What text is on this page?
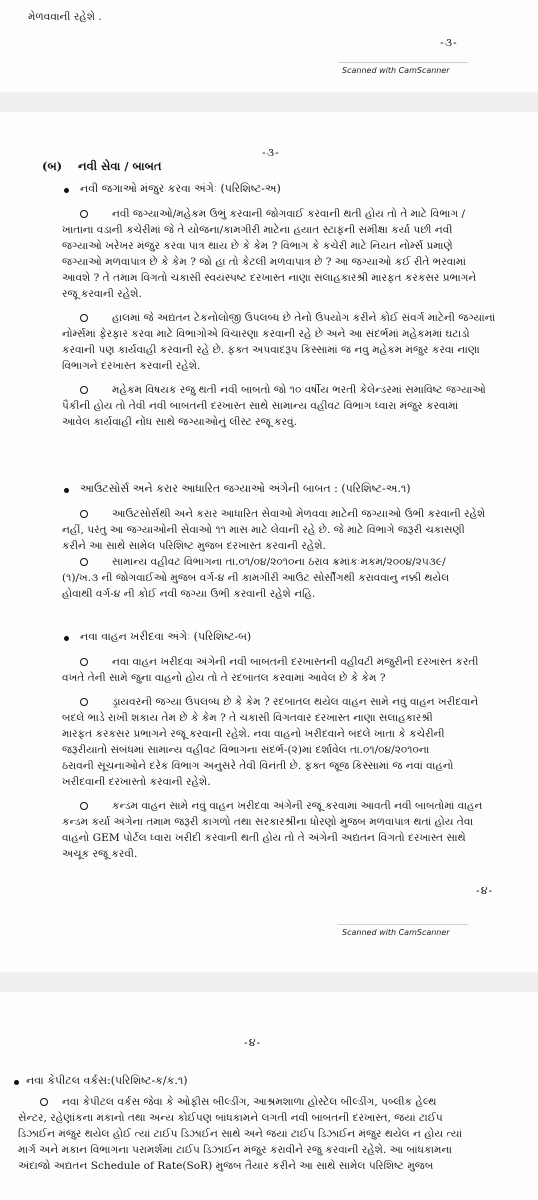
મેળવવાની રહેશે .
-૩-
Scanned with CamScanner
-૩-
(બ) નવી સેવા / બાબત
નવી જગાઓ મંજુર કરવા અંગેઃ (પરિશિષ્ટ-અ)
નવી જગ્યાઓ/મહેકમ ઉભું કરવાની જોગવાઈ કરવાની થતી હોય તો તે માટે વિભાગ /
ખાતાના વડાની કચેરીમાં જે તે યોજના/કામગીરી માટેના હયાત સ્ટાફની સમીક્ષા કર્યા પછી નવી
જગ્યાઓ ખરેખર મંજુર કરવા પાત્ર થાય છે કે કેમ ? વિભાગ કે કચેરી માટે નિયત નોર્મ્સ પ્રમાણે
જગ્યાઓ મળવાપાત્ર છે કે કેમ ? જો હા તો કેટલી મળવાપાત્ર છે ? આ જગ્યાઓ કઈ રીતે ભરવામાં
આવશે ? તે તમામ વિગતો ચકાસી સ્વયંસ્પષ્ટ દરખાસ્ત નાણા સલાહકારશ્રી મારફત કરકસર પ્રભાગને
રજૂ કરવાની રહેશે.
હાલમાં જે અદ્યતન ટેકનોલોજી ઉપલબ્ધ છે તેનો ઉપયોગ કરીને કોઈ સંવર્ગ માટેની જગ્યાનાં
નોર્મ્સમાં ફેરફાર કરવા માટે વિભાગોએ વિચારણા કરવાની રહે છે અને આ સંદર્ભમાં મહેકમમાં ઘટાડો
કરવાની પણ કાર્યવાહી કરવાની રહે છે. ફક્ત અપવાદરૂપ કિસ્સામાં જ નવુ મહેકમ મંજુર કરવા નાણા
વિભાગને દરખાસ્ત કરવાની રહેશે.
મહેકમ વિષયક રજુ થતી નવી બાબતો જો ૧૦ વર્ષીય ભરતી કેલેન્ડરમાં સમાવિષ્ટ જગ્યાઓ
પૈકીની હોય તો તેવી નવી બાબતની દરખાસ્ત સાથે સામાન્ય વહીવટ વિભાગ ધ્વારા મંજુર કરવામાં
આવેલ કાર્યવાહી નોંધ સાથે જગ્યાઓનું લીસ્ટ રજૂ કરવું.
આઉટસોર્સ અને કરાર આધારિત જગ્યાઓ અંગેની બાબત : (પરિશિષ્ટ-અ.૧)
આઉટસોર્સથી અને કરાર આધારિત સેવાઓ મેળવવા માટેની જગ્યાઓ ઉભી કરવાની રહેશે
નહીં, પરંતુ આ જગ્યાઓની સેવાઓ ૧૧ માસ માટે લેવાની રહે છે. જે માટે વિભાગે જરૂરી ચકાસણી
કરીને આ સાથે સામેલ પરિશિષ્ટ મુજબ દરખાસ્ત કરવાની રહેશે.
સામાન્ય વહીવટ વિભાગના તા.૦૧/૦૪/૨૦૧૦ના ઠરાવ ક્રમાંકઃમકમ/૨૦૦૪/૨૫૩૯/
(૧)/ખ.૩ ની જોગવાઈઓ મુજબ વર્ગ-૪ ની કામગીરી આઉટ સોર્સીંગથી કરાવવાનુ નક્કી થયેલ
હોવાથી વર્ગ-૪ ની કોઈ નવી જગ્યા ઉભી કરવાની રહેશે નહિ.
નવા વાહન ખરીદવા અંગેઃ (પરિશિષ્ટ-બ)
નવા વાહન ખરીદવા અંગેની નવી બાબતની દરખાસ્તની વહીવટી મંજુરીની દરખાસ્ત કરતી
વખતે તેની સામે જુના વાહનો હોય તો તે રદબાતલ કરવામાં આવેલ છે કે કેમ ?
ડ્રાયવરની જગ્યા ઉપલબ્ધ છે કે કેમ ? રદબાતલ થયેલ વાહન સામે નવું વાહન ખરીદવાને
બદલે ભાડે રાખી શકાય તેમ છે કે કેમ ? તે ચકાસી વિગતવાર દરખાસ્ત નાણા સલાહકારશ્રી
મારફત કરકસર પ્રભાગને રજૂ કરવાની રહેશે. નવા વાહનો ખરીદવાને બદલે ખાતા કે કચેરીની
જરૂરીયાતો સંબંધમાં સામાન્ય વહીવટ વિભાગના સંદર્ભ-(૨)માં દર્શાવેલ તા.૦૧/૦૪/૨૦૧૦ના
ઠરાવની સૂચનાઓને દરેક વિભાગ અનુસરે તેવી વિનંતી છે. ફક્ત જૂજ કિસ્સામાં જ નવાં વાહનો
ખરીદવાની દરખાસ્તો કરવાની રહેશે.
કન્ડમ વાહન સામે નવું વાહન ખરીદવા અંગેની રજૂ કરવામાં આવતી નવી બાબતોમાં વાહન
કન્ડમ કર્યા અંગેના તમામ જરૂરી કાગળો તથા સરકારશ્રીના ધોરણો મુજબ મળવાપાત્ર થતાં હોય તેવા
વાહનો GEM પોર્ટલ ધ્વારા ખરીદી કરવાની થતી હોય તો તે અંગેની અદ્યતન વિગતો દરખાસ્ત સાથે
અચૂક રજૂ કરવી.
-૪-
Scanned with CamScanner
-૪-
નવા કેપીટલ વર્કસ:(પરિશિષ્ટ-ક/ક.૧)
નવા કેપીટલ વર્કસ જેવા કે ઓફીસ બીલ્ડીંગ, આશ્રમશાળા હોસ્ટેલ બીલ્ડીંગ, પબ્લીક હેલ્થ
સેન્ટર, રહેણાંકના મકાનો તથા અન્ય કોઈપણ બાંધકામને લગતી નવી બાબતની દરખાસ્ત, જયાં ટાઈપ
ડિઝાઈન મંજુર થયેલ હોઈ ત્યાં ટાઈપ ડિઝાઈન સાથે અને જયાં ટાઈપ ડિઝાઈન મંજુર થયેલ ન હોય ત્યાં
માર્ગ અને મકાન વિભાગના પરામર્શમાં ટાઈપ ડિઝાઈન મંજુર કરાવીને રજુ કરવાની રહેશે. આ બાંધકામના
અંદાજો અદ્યતન Schedule of Rate(SoR) મુજબ તૈયાર કરીને આ સાથે સામેલ પરિશિષ્ટ મુજબ
